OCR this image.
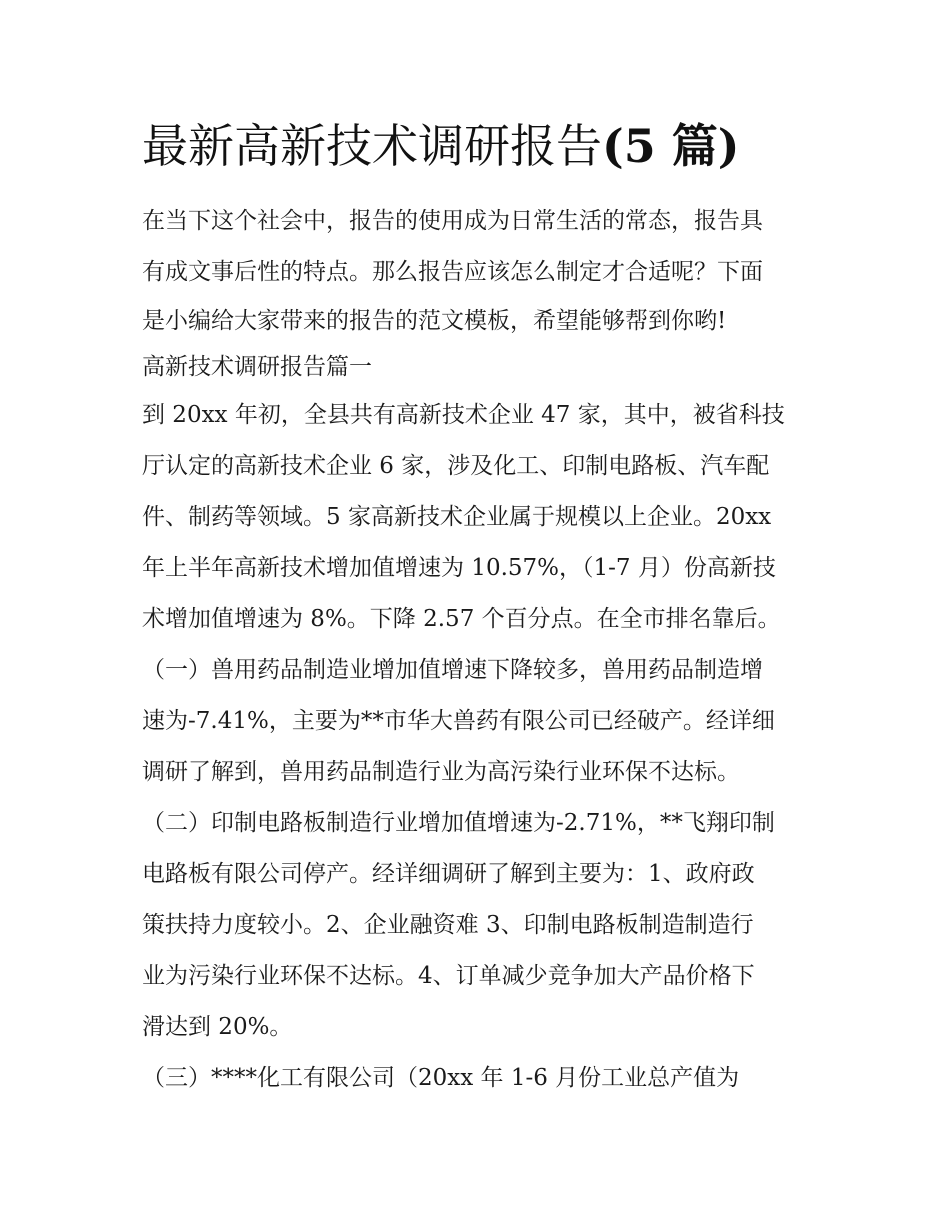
最新高新技术调研报告(5 篇)
在当下这个社会中，报告的使用成为日常生活的常态，报告具
有成文事后性的特点。那么报告应该怎么制定才合适呢？下面
是小编给大家带来的报告的范文模板，希望能够帮到你哟!
高新技术调研报告篇一
到 20xx 年初，全县共有高新技术企业 47 家，其中，被省科技
厅认定的高新技术企业 6 家，涉及化工、印制电路板、汽车配
件、制药等领域。5 家高新技术企业属于规模以上企业。20xx
年上半年高新技术增加值增速为 10.57%，（1-7 月）份高新技
术增加值增速为 8%。下降 2.57 个百分点。在全市排名靠后。
（一）兽用药品制造业增加值增速下降较多，兽用药品制造增
速为-7.41%，主要为**市华大兽药有限公司已经破产。经详细
调研了解到，兽用药品制造行业为高污染行业环保不达标。
（二）印制电路板制造行业增加值增速为-2.71%，**飞翔印制
电路板有限公司停产。经详细调研了解到主要为：1、政府政
策扶持力度较小。2、企业融资难 3、印制电路板制造制造行
业为污染行业环保不达标。4、订单减少竞争加大产品价格下
滑达到 20%。
（三）****化工有限公司（20xx 年 1-6 月份工业总产值为
